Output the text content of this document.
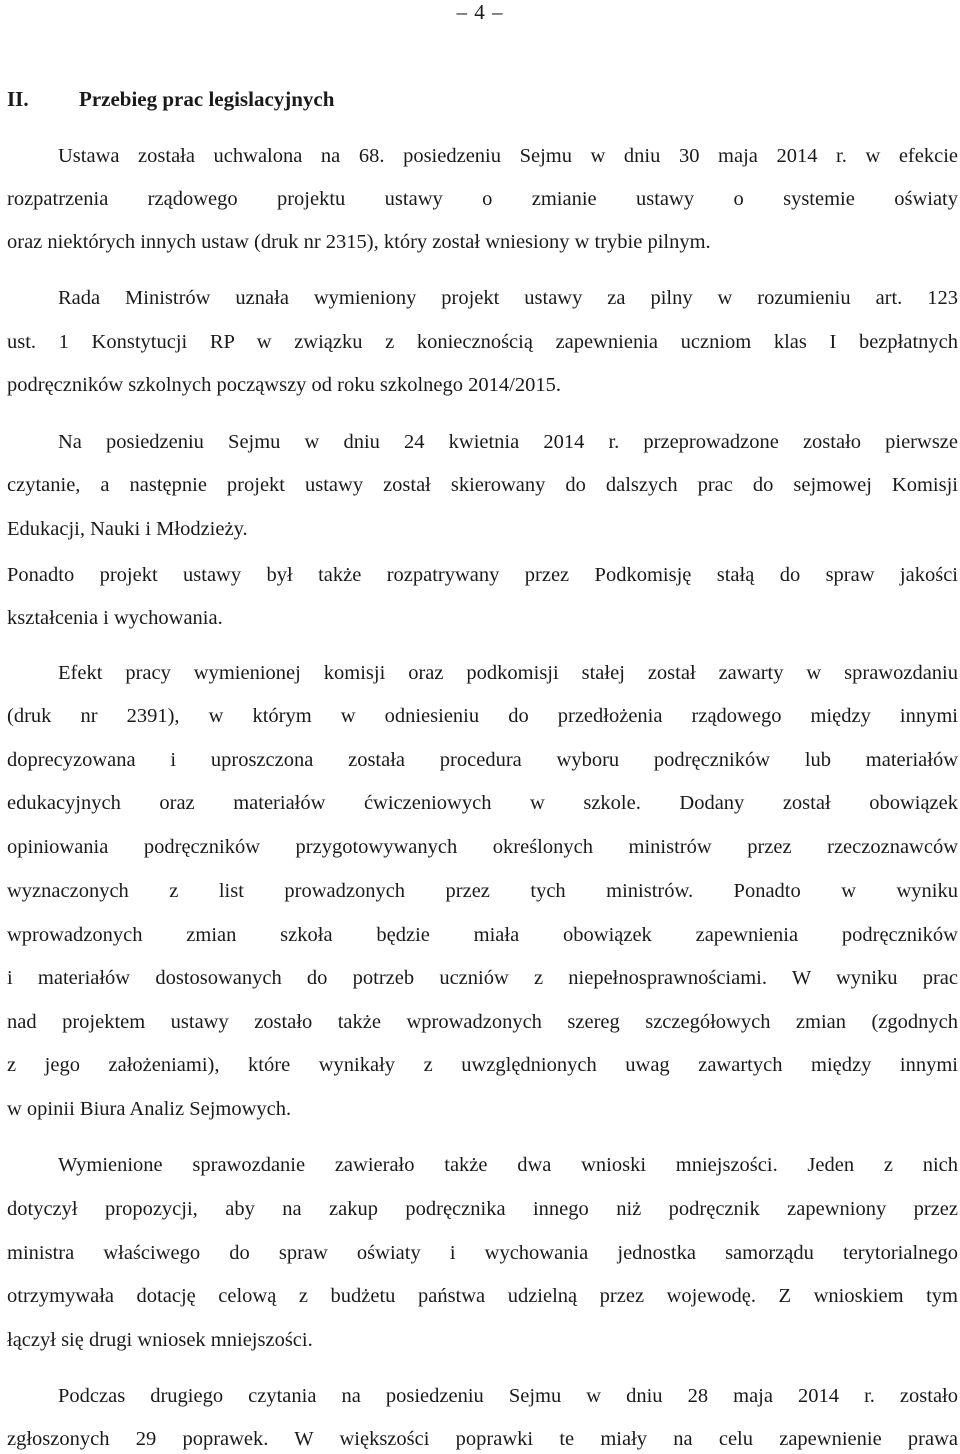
– 4 –
II. Przebieg prac legislacyjnych
Ustawa została uchwalona na 68. posiedzeniu Sejmu w dniu 30 maja 2014 r. w efekcie
rozpatrzenia rządowego projektu ustawy o zmianie ustawy o systemie oświaty
oraz niektórych innych ustaw (druk nr 2315), który został wniesiony w trybie pilnym.
Rada Ministrów uznała wymieniony projekt ustawy za pilny w rozumieniu art. 123
ust. 1 Konstytucji RP w związku z koniecznością zapewnienia uczniom klas I bezpłatnych
podręczników szkolnych począwszy od roku szkolnego 2014/2015.
Na posiedzeniu Sejmu w dniu 24 kwietnia 2014 r. przeprowadzone zostało pierwsze
czytanie, a następnie projekt ustawy został skierowany do dalszych prac do sejmowej Komisji
Edukacji, Nauki i Młodzieży.
Ponadto projekt ustawy był także rozpatrywany przez Podkomisję stałą do spraw jakości
kształcenia i wychowania.
Efekt pracy wymienionej komisji oraz podkomisji stałej został zawarty w sprawozdaniu
(druk nr 2391), w którym w odniesieniu do przedłożenia rządowego między innymi
doprecyzowana i uproszczona została procedura wyboru podręczników lub materiałów
edukacyjnych oraz materiałów ćwiczeniowych w szkole. Dodany został obowiązek
opiniowania podręczników przygotowywanych określonych ministrów przez rzeczoznawców
wyznaczonych z list prowadzonych przez tych ministrów. Ponadto w wyniku
wprowadzonych zmian szkoła będzie miała obowiązek zapewnienia podręczników
i materiałów dostosowanych do potrzeb uczniów z niepełnosprawnościami. W wyniku prac
nad projektem ustawy zostało także wprowadzonych szereg szczegółowych zmian (zgodnych
z jego założeniami), które wynikały z uwzględnionych uwag zawartych między innymi
w opinii Biura Analiz Sejmowych.
Wymienione sprawozdanie zawierało także dwa wnioski mniejszości. Jeden z nich
dotyczył propozycji, aby na zakup podręcznika innego niż podręcznik zapewniony przez
ministra właściwego do spraw oświaty i wychowania jednostka samorządu terytorialnego
otrzymywała dotację celową z budżetu państwa udzielną przez wojewodę. Z wnioskiem tym
łączył się drugi wniosek mniejszości.
Podczas drugiego czytania na posiedzeniu Sejmu w dniu 28 maja 2014 r. zostało
zgłoszonych 29 poprawek. W większości poprawki te miały na celu zapewnienie prawa
